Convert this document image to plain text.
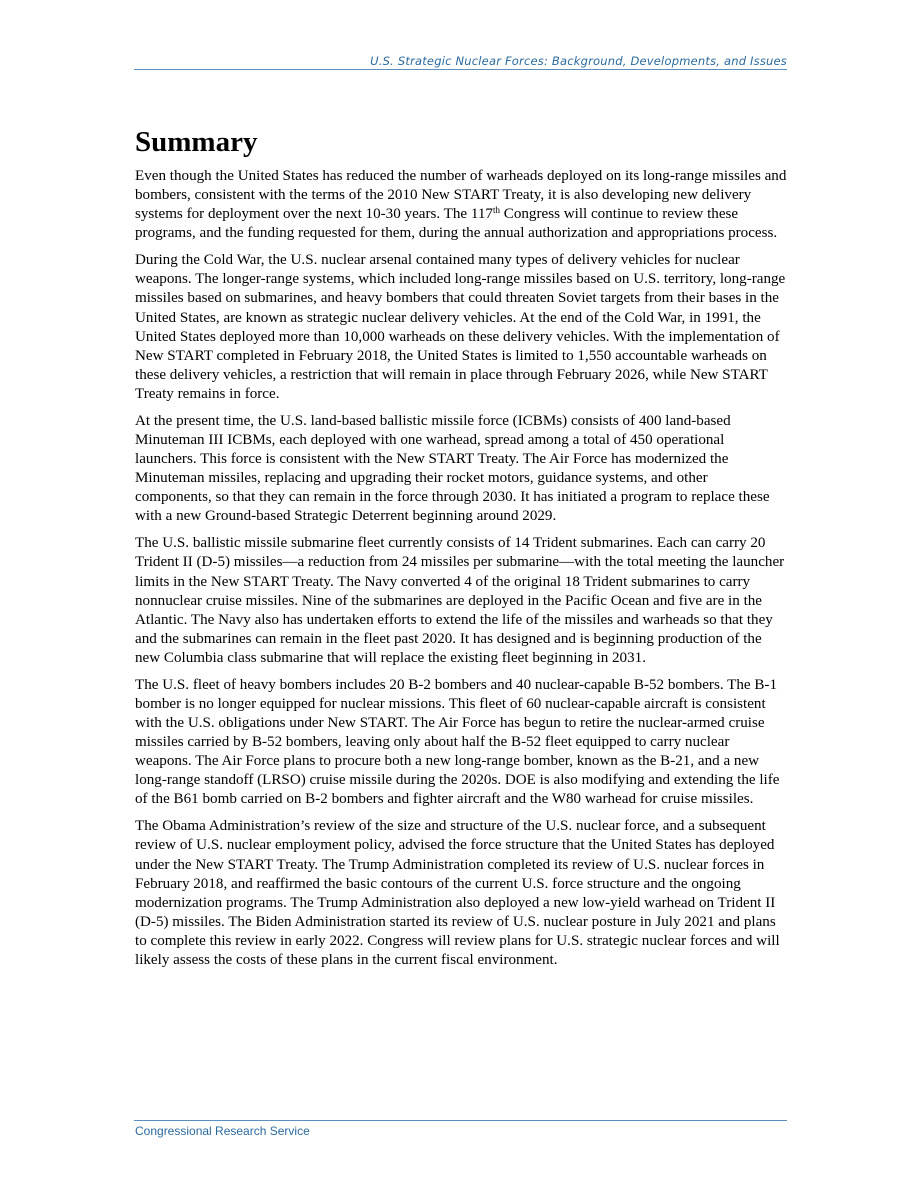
U.S. Strategic Nuclear Forces: Background, Developments, and Issues
Summary

Even though the United States has reduced the number of warheads deployed on its long-range missiles and bombers, consistent with the terms of the 2010 New START Treaty, it is also developing new delivery systems for deployment over the next 10-30 years. The 117th Congress will continue to review these programs, and the funding requested for them, during the annual authorization and appropriations process.

During the Cold War, the U.S. nuclear arsenal contained many types of delivery vehicles for nuclear weapons. The longer-range systems, which included long-range missiles based on U.S. territory, long-range missiles based on submarines, and heavy bombers that could threaten Soviet targets from their bases in the United States, are known as strategic nuclear delivery vehicles. At the end of the Cold War, in 1991, the United States deployed more than 10,000 warheads on these delivery vehicles. With the implementation of New START completed in February 2018, the United States is limited to 1,550 accountable warheads on these delivery vehicles, a restriction that will remain in place through February 2026, while New START Treaty remains in force.

At the present time, the U.S. land-based ballistic missile force (ICBMs) consists of 400 land-based Minuteman III ICBMs, each deployed with one warhead, spread among a total of 450 operational launchers. This force is consistent with the New START Treaty. The Air Force has modernized the Minuteman missiles, replacing and upgrading their rocket motors, guidance systems, and other components, so that they can remain in the force through 2030. It has initiated a program to replace these with a new Ground-based Strategic Deterrent beginning around 2029.

The U.S. ballistic missile submarine fleet currently consists of 14 Trident submarines. Each can carry 20 Trident II (D-5) missiles—a reduction from 24 missiles per submarine—with the total meeting the launcher limits in the New START Treaty. The Navy converted 4 of the original 18 Trident submarines to carry nonnuclear cruise missiles. Nine of the submarines are deployed in the Pacific Ocean and five are in the Atlantic. The Navy also has undertaken efforts to extend the life of the missiles and warheads so that they and the submarines can remain in the fleet past 2020. It has designed and is beginning production of the new Columbia class submarine that will replace the existing fleet beginning in 2031.

The U.S. fleet of heavy bombers includes 20 B-2 bombers and 40 nuclear-capable B-52 bombers. The B-1 bomber is no longer equipped for nuclear missions. This fleet of 60 nuclear-capable aircraft is consistent with the U.S. obligations under New START. The Air Force has begun to retire the nuclear-armed cruise missiles carried by B-52 bombers, leaving only about half the B-52 fleet equipped to carry nuclear weapons. The Air Force plans to procure both a new long-range bomber, known as the B-21, and a new long-range standoff (LRSO) cruise missile during the 2020s. DOE is also modifying and extending the life of the B61 bomb carried on B-2 bombers and fighter aircraft and the W80 warhead for cruise missiles.

The Obama Administration’s review of the size and structure of the U.S. nuclear force, and a subsequent review of U.S. nuclear employment policy, advised the force structure that the United States has deployed under the New START Treaty. The Trump Administration completed its review of U.S. nuclear forces in February 2018, and reaffirmed the basic contours of the current U.S. force structure and the ongoing modernization programs. The Trump Administration also deployed a new low-yield warhead on Trident II (D-5) missiles. The Biden Administration started its review of U.S. nuclear posture in July 2021 and plans to complete this review in early 2022. Congress will review plans for U.S. strategic nuclear forces and will likely assess the costs of these plans in the current fiscal environment.

Congressional Research Service
